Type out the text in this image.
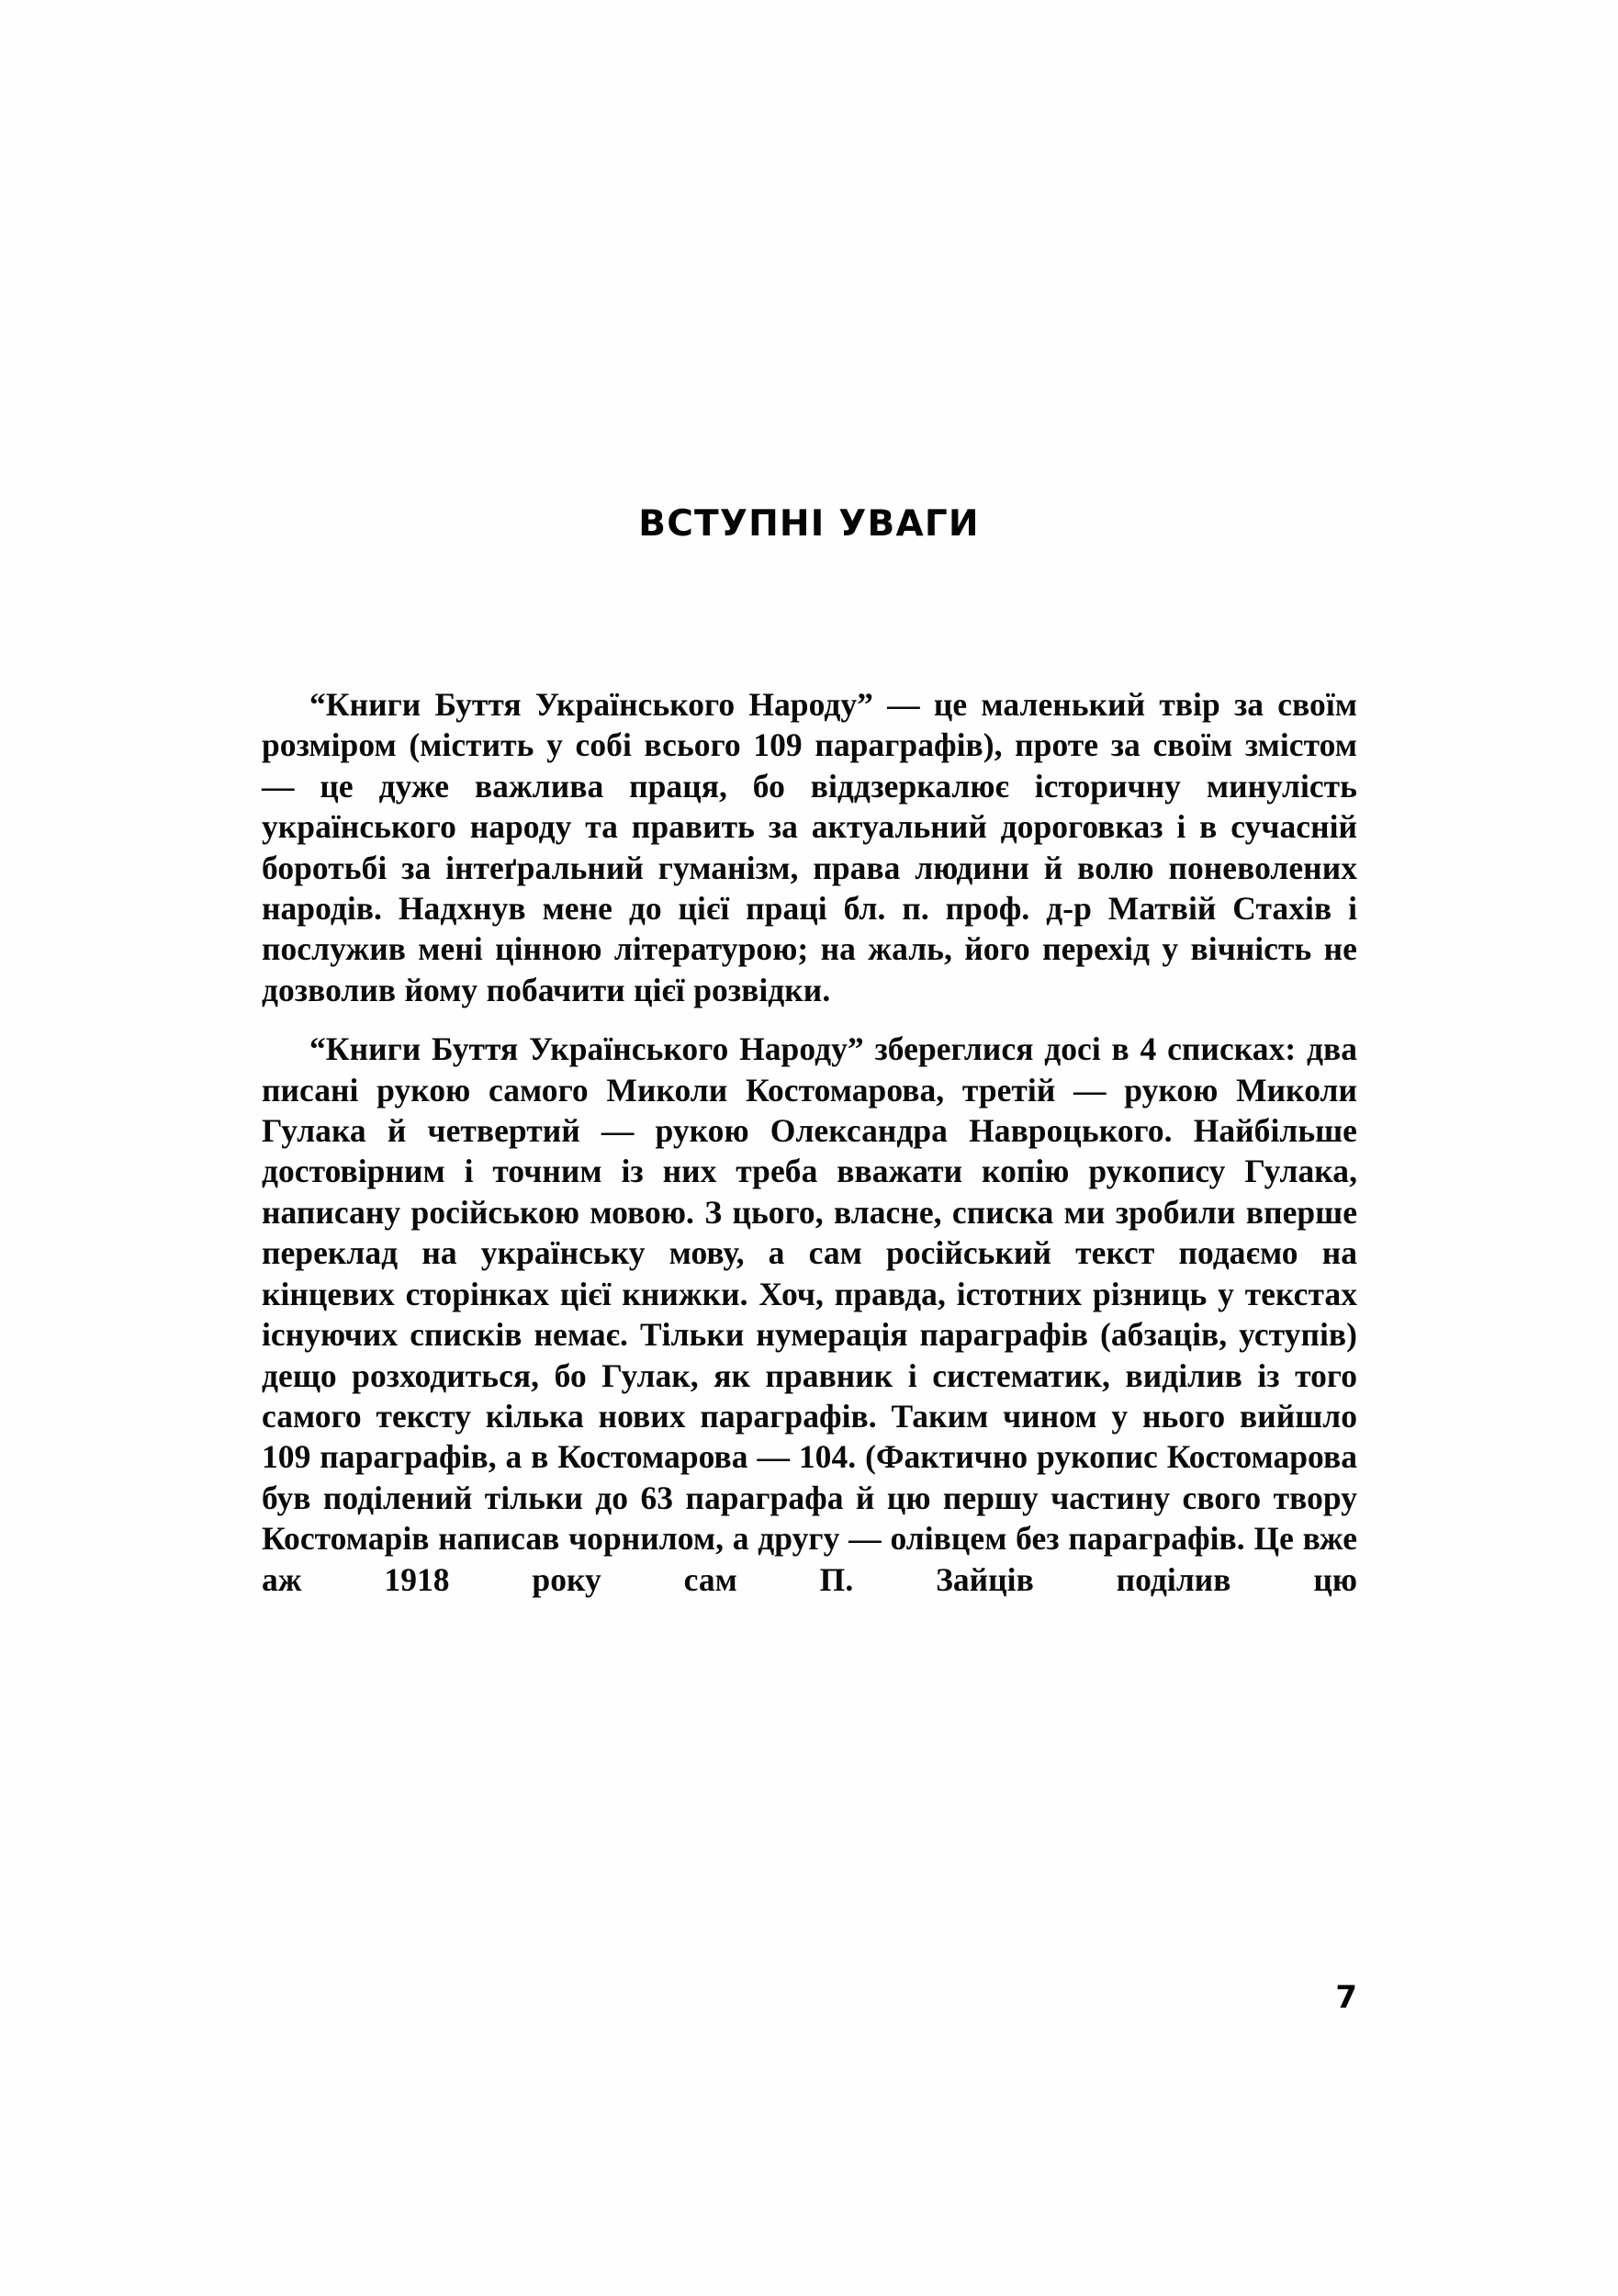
ВСТУПНІ УВАГИ

“Книги Буття Українського Народу” — це маленький твір за своїм розміром (містить у собі всього 109 параграфів), проте за своїм змістом — це дуже важлива праця, бо віддзеркалює історичну минулість українського народу та править за актуальний дороговказ і в сучасній боротьбі за інтеґральний гуманізм, права людини й волю поневолених народів. Надхнув мене до цієї праці бл. п. проф. д-р Матвій Стахів і послужив мені цінною літературою; на жаль, його перехід у вічність не дозволив йому побачити цієї розвідки.

“Книги Буття Українського Народу” збереглися досі в 4 списках: два писані рукою самого Миколи Костомарова, третій — рукою Миколи Гулака й четвертий — рукою Олександра Навроцького. Найбільше достовірним і точним із них треба вважати копію рукопису Гулака, написану російською мовою. З цього, власне, списка ми зробили вперше переклад на українську мову, а сам російський текст подаємо на кінцевих сторінках цієї книжки. Хоч, правда, істотних різниць у текстах існуючих списків немає. Тільки нумерація параграфів (абзаців, уступів) дещо розходиться, бо Гулак, як правник і систематик, виділив із того самого тексту кілька нових параграфів. Таким чином у нього вийшло 109 параграфів, а в Костомарова — 104. (Фактично рукопис Костомарова був поділений тільки до 63 параграфа й цю першу частину свого твору Костомарів написав чорнилом, а другу — олівцем без параграфів. Це вже аж 1918 року сам П. Зайців поділив цю

7
